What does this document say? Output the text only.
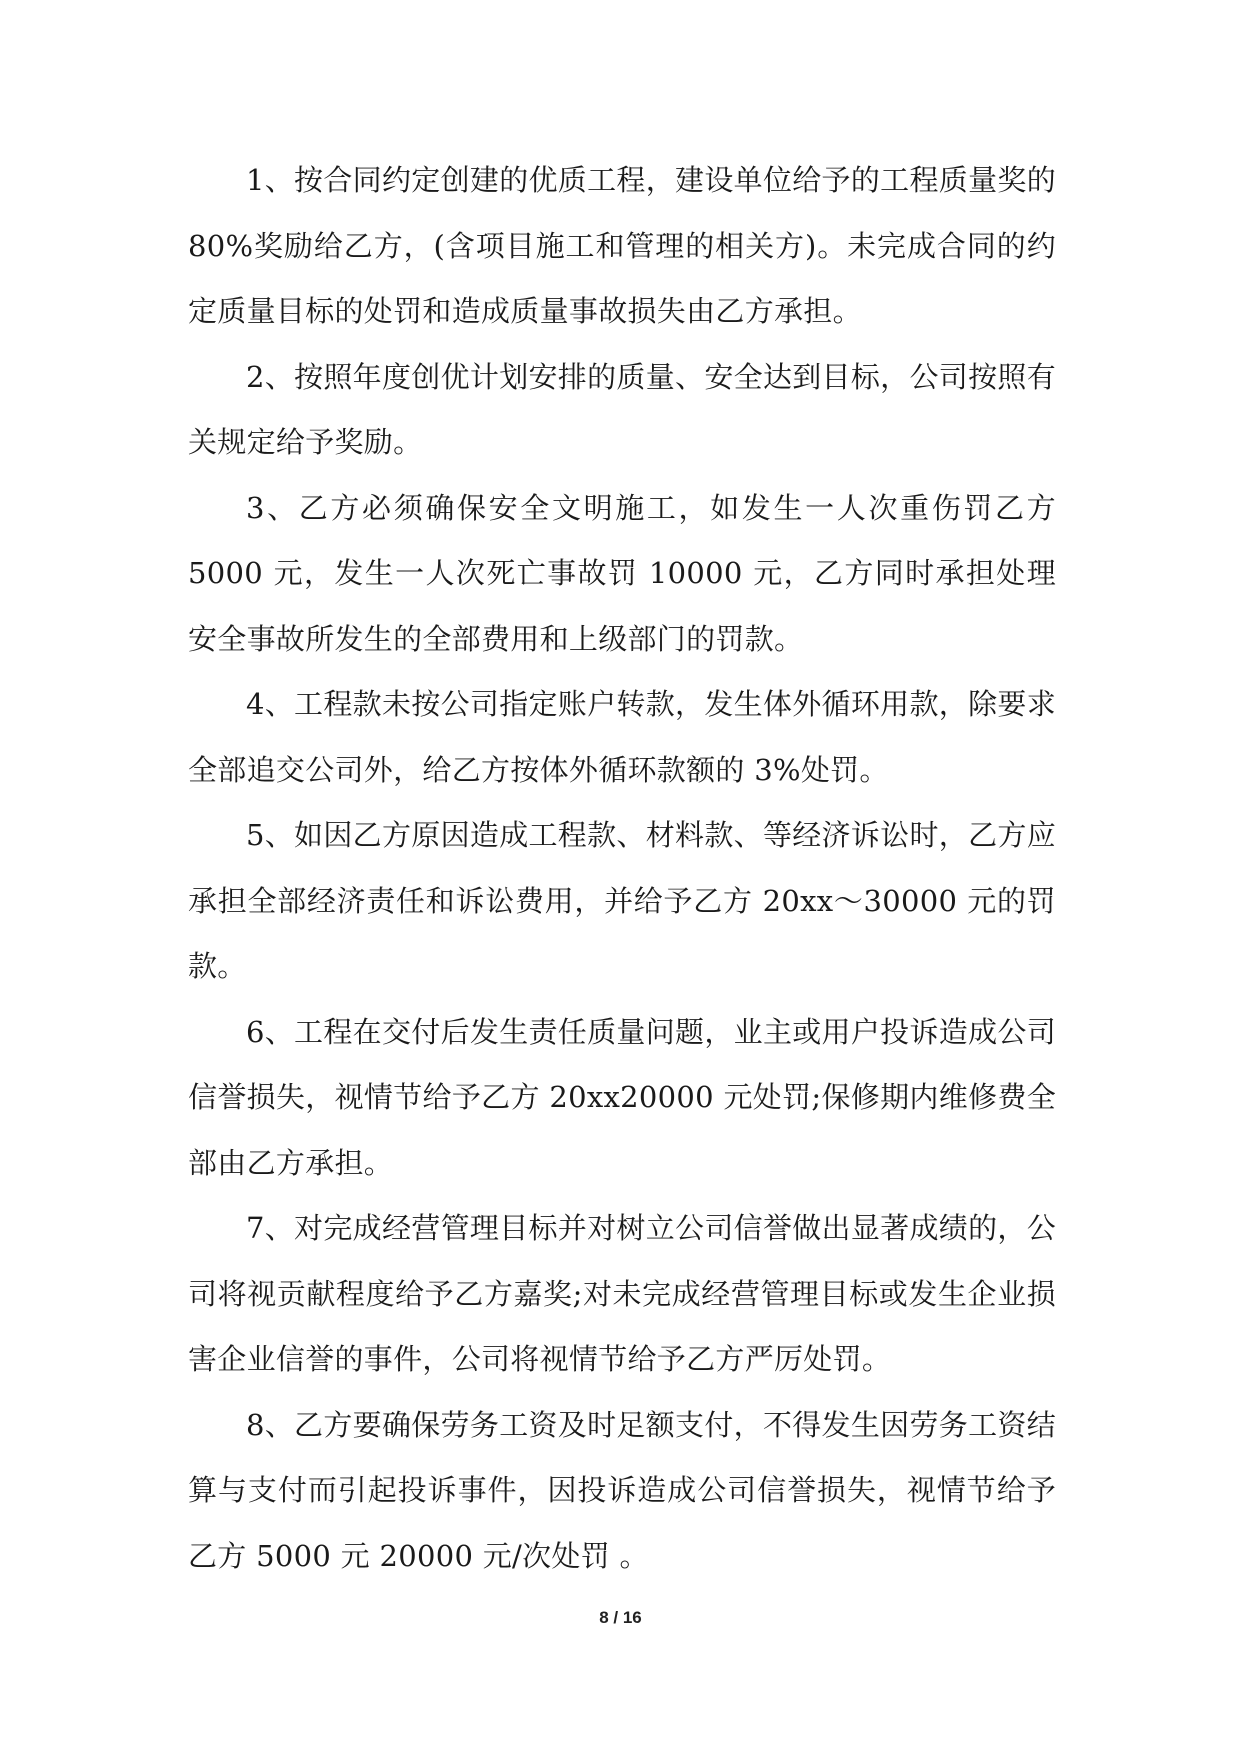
1、按合同约定创建的优质工程，建设单位给予的工程质量奖的 80%奖励给乙方，(含项目施工和管理的相关方)。未完成合同的约定质量目标的处罚和造成质量事故损失由乙方承担。

2、按照年度创优计划安排的质量、安全达到目标，公司按照有关规定给予奖励。

3、乙方必须确保安全文明施工，如发生一人次重伤罚乙方 5000 元，发生一人次死亡事故罚 10000 元，乙方同时承担处理安全事故所发生的全部费用和上级部门的罚款。

4、工程款未按公司指定账户转款，发生体外循环用款，除要求全部追交公司外，给乙方按体外循环款额的 3%处罚。

5、如因乙方原因造成工程款、材料款、等经济诉讼时，乙方应承担全部经济责任和诉讼费用，并给予乙方 20xx～30000 元的罚款。

6、工程在交付后发生责任质量问题，业主或用户投诉造成公司信誉损失，视情节给予乙方 20xx20000 元处罚;保修期内维修费全部由乙方承担。

7、对完成经营管理目标并对树立公司信誉做出显著成绩的，公司将视贡献程度给予乙方嘉奖;对未完成经营管理目标或发生企业损害企业信誉的事件，公司将视情节给予乙方严厉处罚。

8、乙方要确保劳务工资及时足额支付，不得发生因劳务工资结算与支付而引起投诉事件，因投诉造成公司信誉损失，视情节给予乙方 5000 元 20000 元/次处罚 。

8 / 16
